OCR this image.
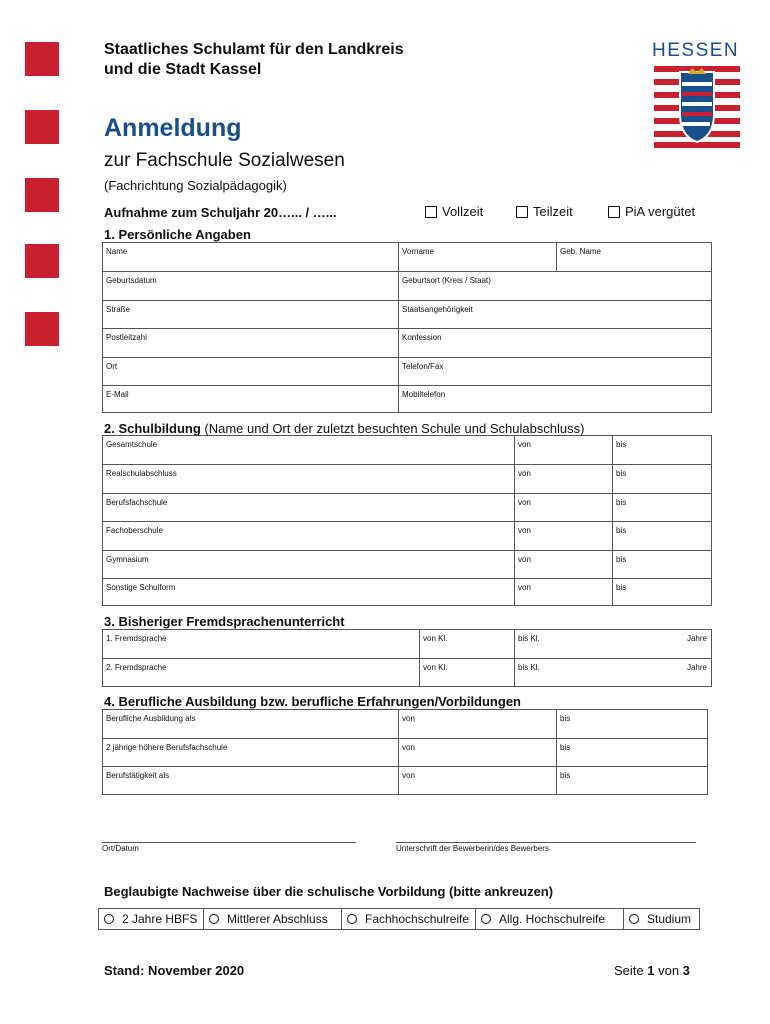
Staatliches Schulamt für den Landkreis
und die Stadt Kassel
HESSEN
Anmeldung
zur Fachschule Sozialwesen
(Fachrichtung Sozialpädagogik)
Aufnahme zum Schuljahr 20…... / …...	Vollzeit	Teilzeit	PiA vergütet
1. Persönliche Angaben
Name	Vorname	Geb. Name
Geburtsdatum	Geburtsort (Kreis / Staat)
Straße	Staatsangehörigkeit
Postleitzahl	Konfession
Ort	Telefon/Fax
E-Mail	Mobiltelefon
2. Schulbildung (Name und Ort der zuletzt besuchten Schule und Schulabschluss)
Gesamtschule	von	bis
Realschulabschluss	von	bis
Berufsfachschule	von	bis
Fachoberschule	von	bis
Gymnasium	von	bis
Sonstige Schulform	von	bis
3. Bisheriger Fremdsprachenunterricht
1. Fremdsprache	von Kl.	bis Kl.	Jahre
2. Fremdsprache	von Kl.	bis Kl.	Jahre
4. Berufliche Ausbildung bzw. berufliche Erfahrungen/Vorbildungen
Berufliche Ausbildung als	von	bis
2 jährige höhere Berufsfachschule	von	bis
Berufstätigkeit als	von	bis
Ort/Datum	Unterschrift der Bewerberin/des Bewerbers
Beglaubigte Nachweise über die schulische Vorbildung (bitte ankreuzen)
2 Jahre HBFS Mittlerer Abschluss	Fachhochschulreife Allg. Hochschulreife	Studium
Stand: November 2020	Seite 1 von 3
